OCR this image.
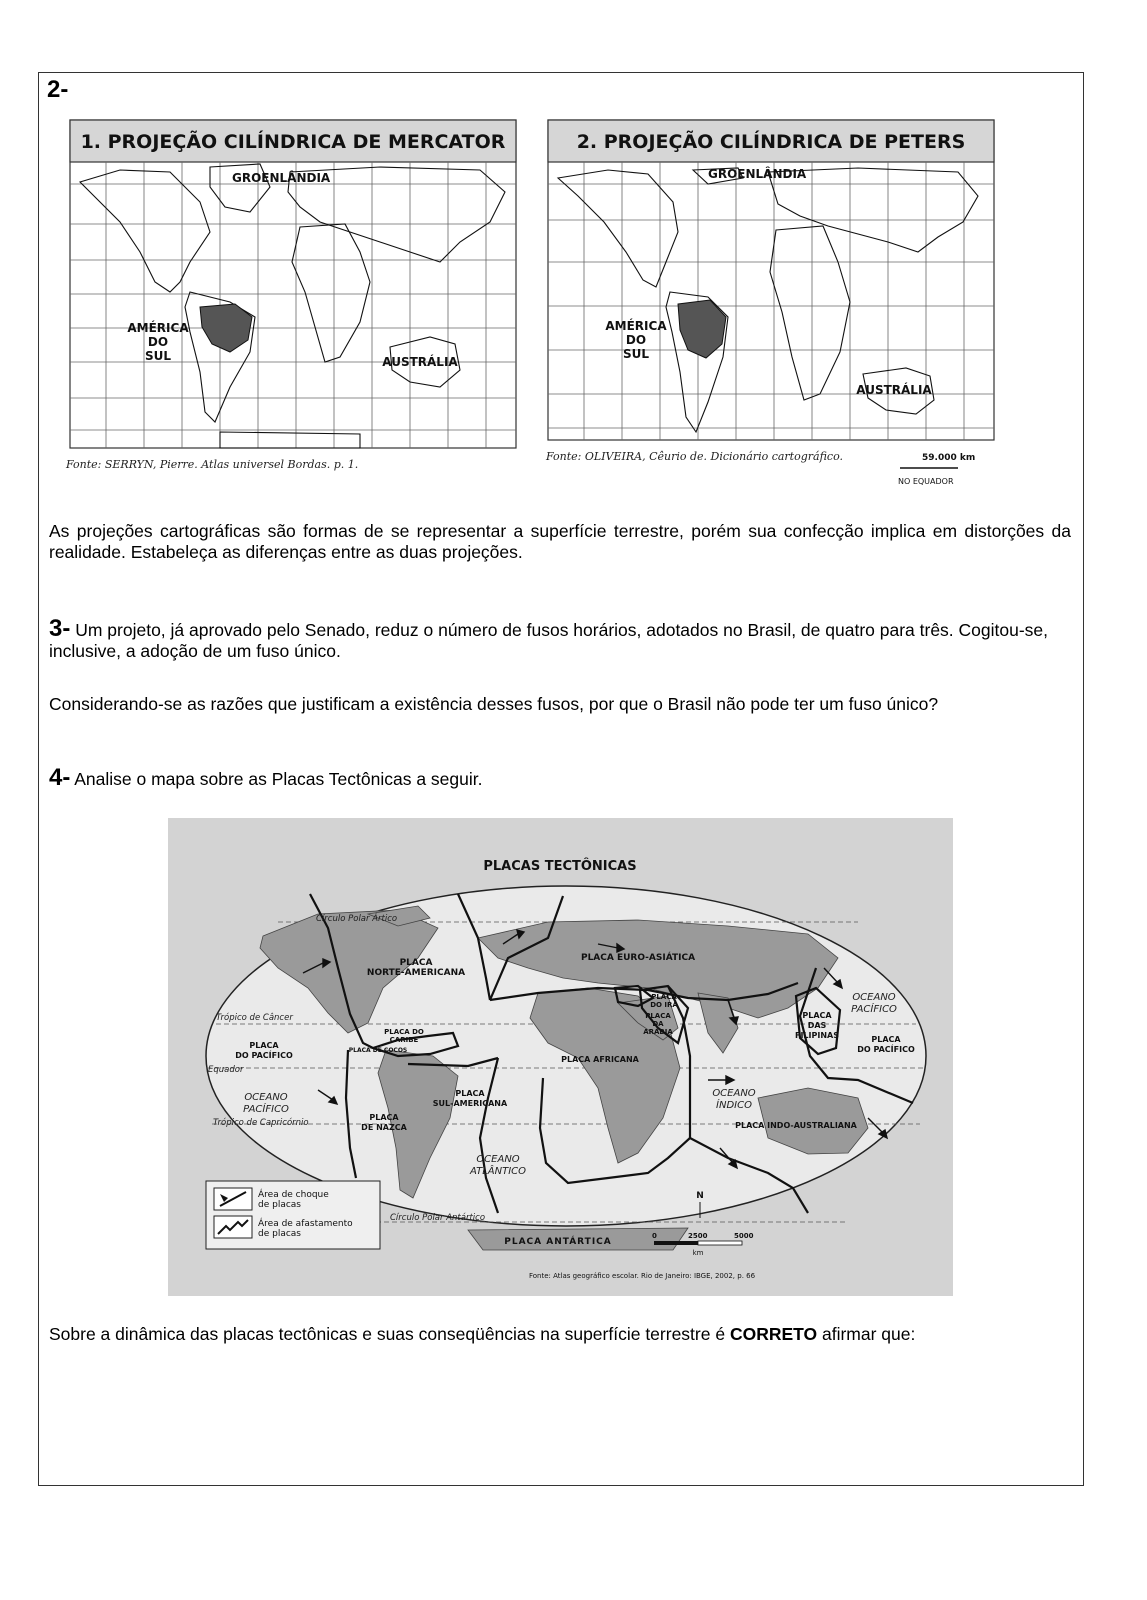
2-
1. PROJEÇÃO CILÍNDRICA DE MERCATOR
GROENLÂNDIA
AMÉRICA
DO
SUL	AUSTRÁLIA
Fonte: SERRYN, Pierre. Atlas universel Bordas. p. 1.
2. PROJEÇÃO CILÍNDRICA DE PETERS
GROENLÂNDIA
AMÉRICA
DO
SUL
AUSTRÁLIA
Fonte: OLIVEIRA, Cêurio de. Dicionário cartográfico.	59.000 km
NO EQUADOR
As projeções cartográficas são formas de se representar a superfície terrestre, porém sua confecção implica em distorções da realidade. Estabeleça as diferenças entre as duas projeções.
3- Um projeto, já aprovado pelo Senado, reduz o número de fusos horários, adotados no Brasil, de quatro para três. Cogitou-se, inclusive, a adoção de um fuso único.
Considerando-se as razões que justificam a existência desses fusos, por que o Brasil não pode ter um fuso único?
4- Analise o mapa sobre as Placas Tectônicas a seguir.
PLACAS TECTÔNICAS
Círculo Polar Ártico
Trópico de Câncer
Equador
Trópico de Capricórnio
Círculo Polar Antártico
PLACA
NORTE-AMERICANA
PLACA EURO-ASIÁTICA
PLACA
DO IRÃ
PLACA
DA
ARÁBIA
PLACA
DAS
FILIPINAS
OCEANO
PACÍFICO
PLACA
DO PACÍFICO
PLACA
DO PACÍFICO
PLACA DO
CARIBE
PLACA DE COCOS
PLACA AFRICANA
OCEANO
PACÍFICO
PLACA
SUL-AMERICANA
PLACA
DE NAZCA
OCEANO
ÍNDICO
PLACA INDO-AUSTRALIANA
OCEANO
ATLÂNTICO
PLACA ANTÁRTICA
N
Área de choque
de placas
Área de afastamento
de placas	0	2500	5000
km
Fonte: Atlas geográfico escolar. Rio de Janeiro: IBGE, 2002, p. 66
Sobre a dinâmica das placas tectônicas e suas conseqüências na superfície terrestre é CORRETO afirmar que:
